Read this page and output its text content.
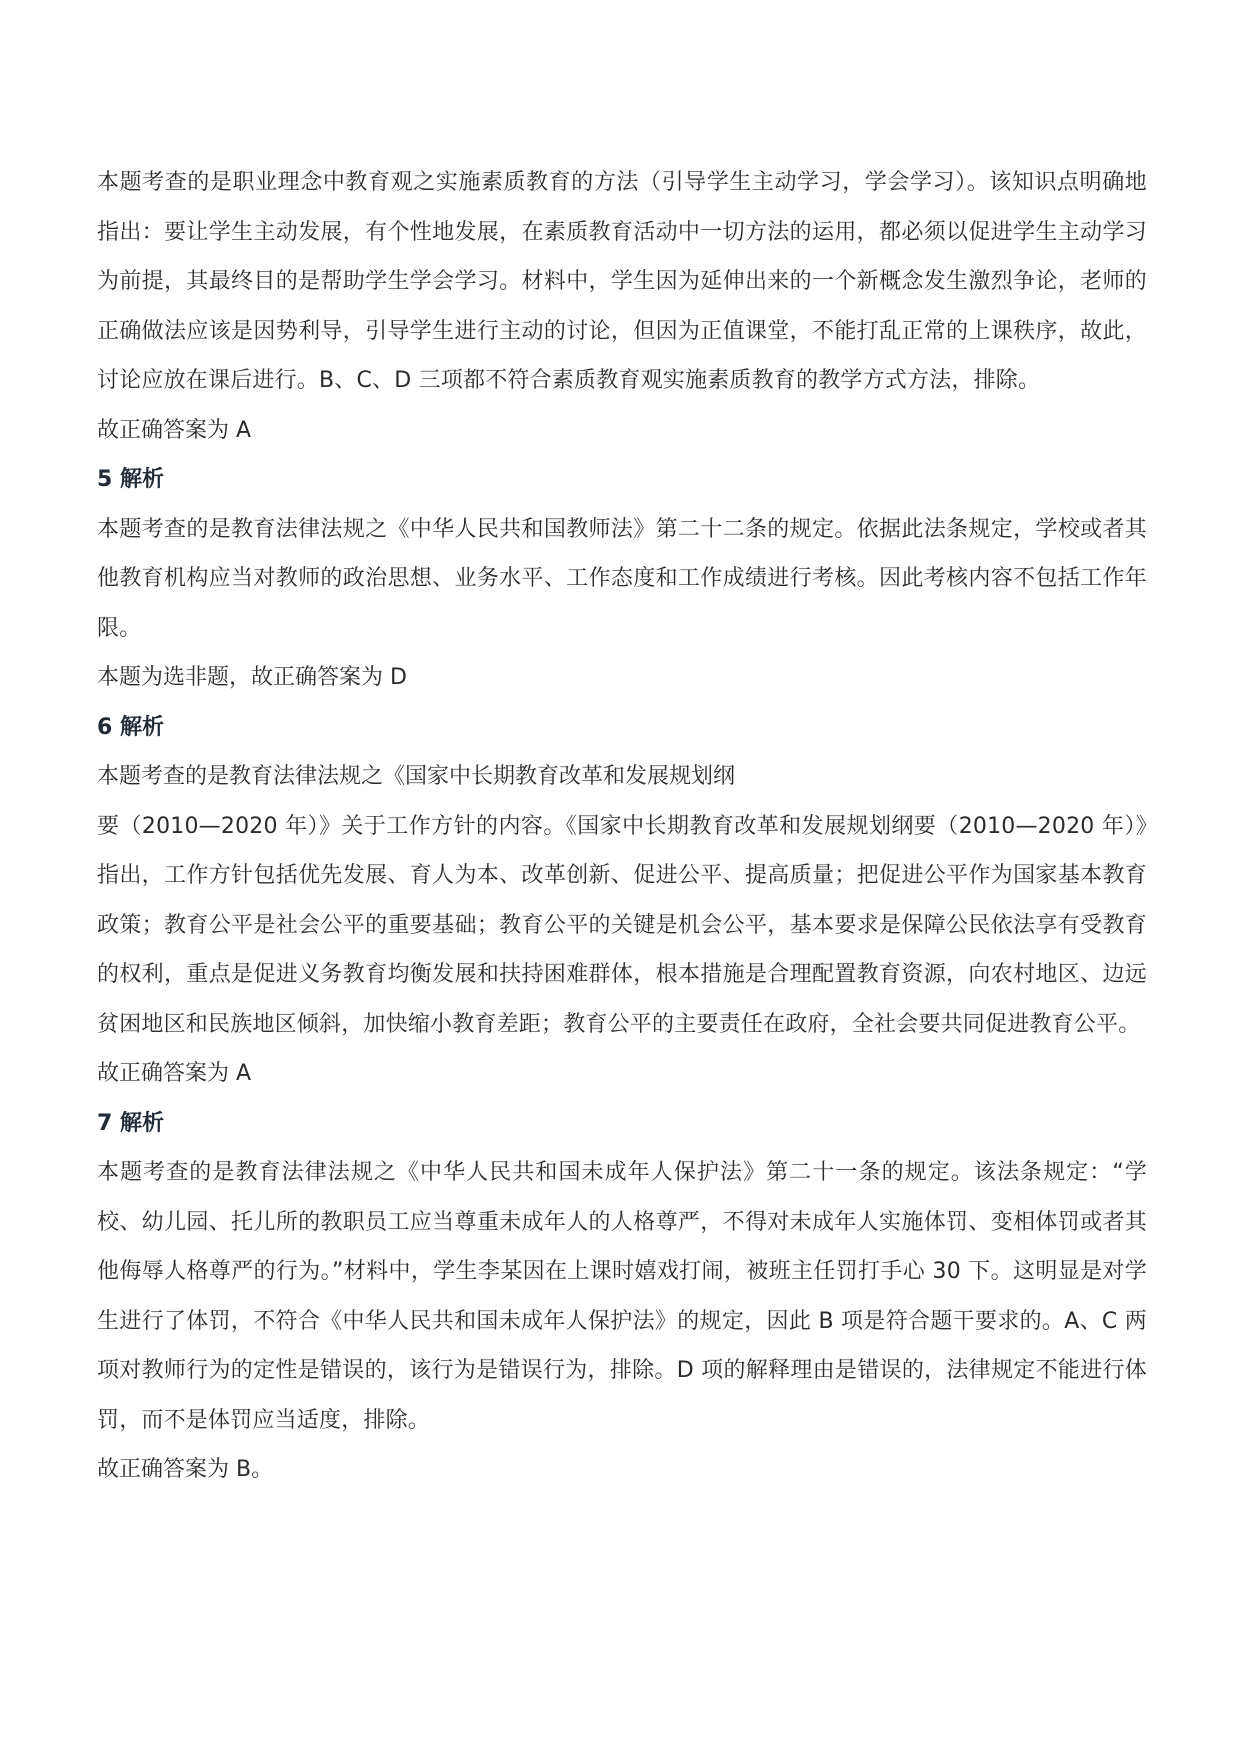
本题考查的是职业理念中教育观之实施素质教育的方法（引导学生主动学习，学会学习）。该知识点明确地指出：要让学生主动发展，有个性地发展，在素质教育活动中一切方法的运用，都必须以促进学生主动学习为前提，其最终目的是帮助学生学会学习。材料中，学生因为延伸出来的一个新概念发生激烈争论，老师的正确做法应该是因势利导，引导学生进行主动的讨论，但因为正值课堂，不能打乱正常的上课秩序，故此，讨论应放在课后进行。B、C、D 三项都不符合素质教育观实施素质教育的教学方式方法，排除。

故正确答案为 A

5 解析

本题考查的是教育法律法规之《中华人民共和国教师法》第二十二条的规定。依据此法条规定，学校或者其他教育机构应当对教师的政治思想、业务水平、工作态度和工作成绩进行考核。因此考核内容不包括工作年限。

本题为选非题，故正确答案为 D

6 解析

本题考查的是教育法律法规之《国家中长期教育改革和发展规划纲

要（2010—2020 年）》关于工作方针的内容。《国家中长期教育改革和发展规划纲要（2010—2020 年）》指出，工作方针包括优先发展、育人为本、改革创新、促进公平、提高质量；把促进公平作为国家基本教育政策；教育公平是社会公平的重要基础；教育公平的关键是机会公平，基本要求是保障公民依法享有受教育的权利，重点是促进义务教育均衡发展和扶持困难群体，根本措施是合理配置教育资源，向农村地区、边远贫困地区和民族地区倾斜，加快缩小教育差距；教育公平的主要责任在政府，全社会要共同促进教育公平。

故正确答案为 A

7 解析

本题考查的是教育法律法规之《中华人民共和国未成年人保护法》第二十一条的规定。该法条规定：“学校、幼儿园、托儿所的教职员工应当尊重未成年人的人格尊严，不得对未成年人实施体罚、变相体罚或者其他侮辱人格尊严的行为。”材料中，学生李某因在上课时嬉戏打闹，被班主任罚打手心 30 下。这明显是对学生进行了体罚，不符合《中华人民共和国未成年人保护法》的规定，因此 B 项是符合题干要求的。A、C 两项对教师行为的定性是错误的，该行为是错误行为，排除。D 项的解释理由是错误的，法律规定不能进行体罚，而不是体罚应当适度，排除。

故正确答案为 B。
